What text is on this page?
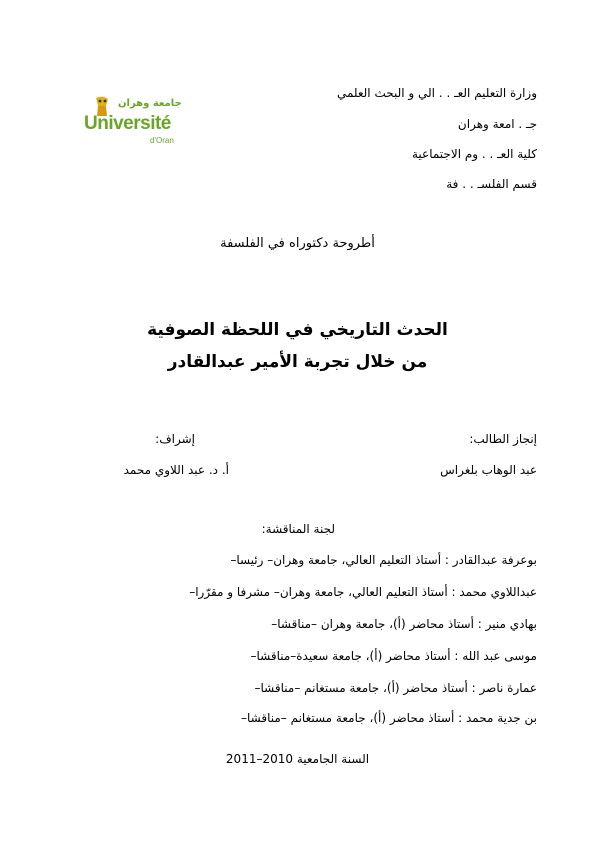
وزارة التعليم العـ . . الي و البحث العلمي
جـ . امعة وهران
كلية العـ . . وم الاجتماعية
قسم الفلسـ . . فة
جامعة وهران
Université
d'Oran
أطروحة دكتوراه في الفلسفة
الحدث التاريخي في اللحظة الصوفية
من خلال تجربة الأمير عبدالقادر
إنجاز الطالب:
عبد الوهاب بلغراس
إشراف:
أ. د. عبد اللاوي محمد
لجنة المناقشة:
بوعرفة عبدالقادر : أستاذ التعليم العالي، جامعة وهران– رئيسا–
عبداللاوي محمد : أستاذ التعليم العالي، جامعة وهران– مشرفا و مقرّرا–
بهادي منير : أستاذ محاضر (أ)، جامعة وهران –مناقشا–
موسى عبد الله : أستاذ محاضر (أ)، جامعة سعيدة–مناقشا–
عمارة ناصر : أستاذ محاضر (أ)، جامعة مستغانم –مناقشا–
بن جدية محمد : أستاذ محاضر (أ)، جامعة مستغانم –مناقشا–
السنة الجامعية 2010–2011
